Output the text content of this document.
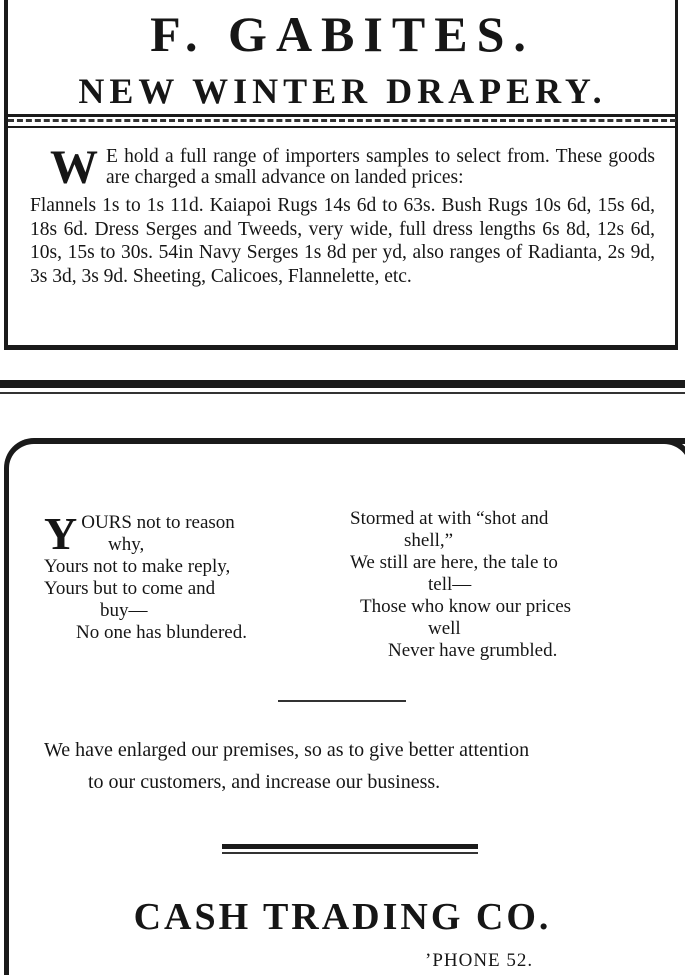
F. GABITES.
NEW WINTER DRAPERY.

W E hold a full range of importers samples to select from. These goods are charged a small advance on landed prices:

Flannels 1s to 1s 11d. Kaiapoi Rugs 14s 6d to 63s. Bush Rugs 10s 6d, 15s 6d, 18s 6d. Dress Serges and Tweeds, very wide, full dress lengths 6s 8d, 12s 6d, 10s, 15s to 30s. 54in Navy Serges 1s 8d per yd, also ranges of Radianta, 2s 9d, 3s 3d, 3s 9d. Sheeting, Calicoes, Flannelette, etc.

YOURS not to reason
why,
Yours not to make reply,
Yours but to come and
buy—
No one has blundered.
Stormed at with “shot and
shell,”
We still are here, the tale to
tell—
Those who know our prices
well
Never have grumbled.
We have enlarged our premises, so as to give better attention
to our customers, and increase our business.
CASH TRADING CO.
’PHONE 52.
